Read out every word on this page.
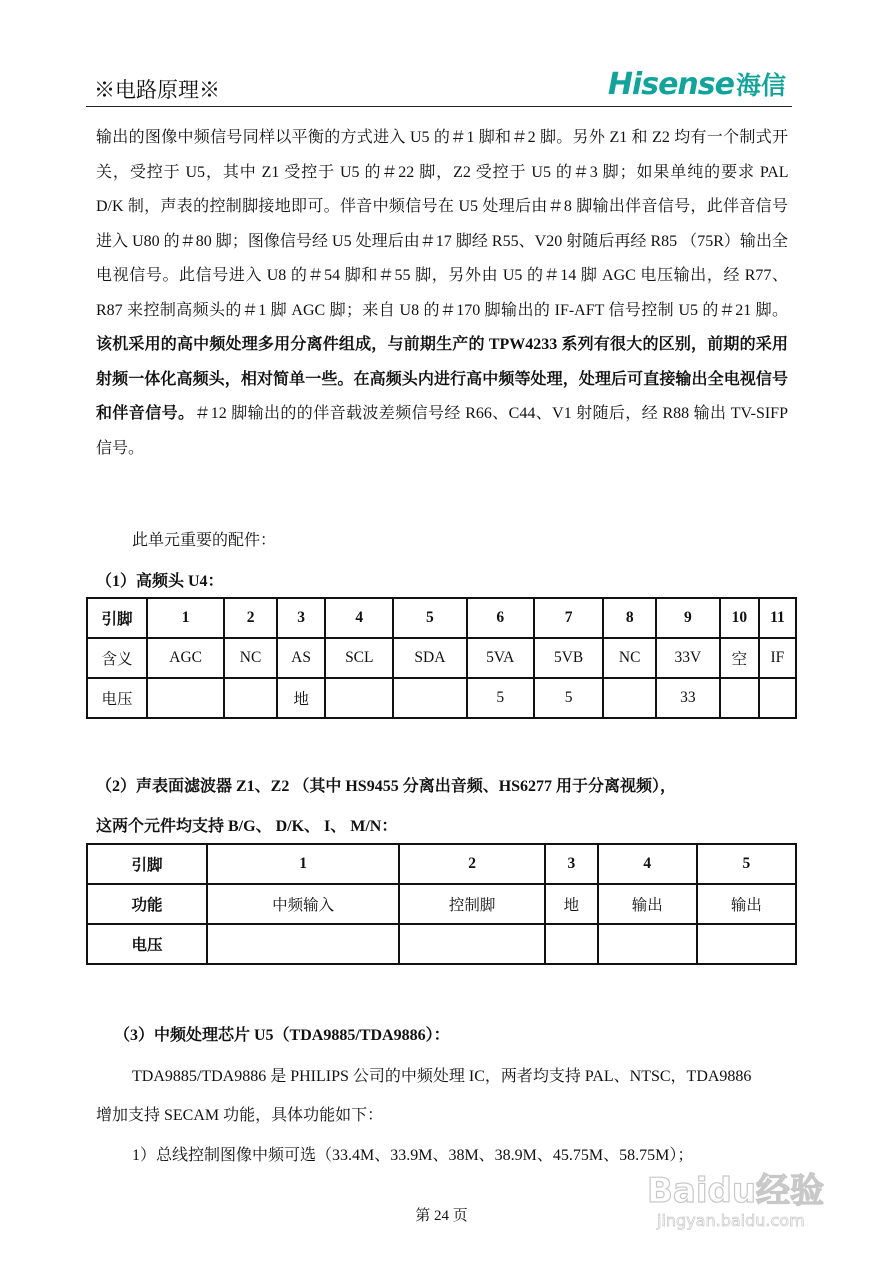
※电路原理※	Hisense 海信
输出的图像中频信号同样以平衡的方式进入 U5 的＃1 脚和＃2 脚。另外 Z1 和 Z2 均有一个制式开关，受控于 U5，其中 Z1 受控于 U5 的＃22 脚，Z2 受控于 U5 的＃3 脚；如果单纯的要求 PAL　D/K 制，声表的控制脚接地即可。伴音中频信号在 U5 处理后由＃8 脚输出伴音信号，此伴音信号进入 U80 的＃80 脚；图像信号经 U5 处理后由＃17 脚经 R55、V20 射随后再经 R85 （75R）输出全电视信号。此信号进入 U8 的＃54 脚和＃55 脚，另外由 U5 的＃14 脚 AGC 电压输出，经 R77、R87 来控制高频头的＃1 脚 AGC 脚；来自 U8 的＃170 脚输出的 IF-AFT 信号控制 U5 的＃21 脚。该机采用的高中频处理多用分离件组成，与前期生产的 TPW4233 系列有很大的区别，前期的采用射频一体化高频头，相对简单一些。在高频头内进行高中频等处理，处理后可直接输出全电视信号和伴音信号。＃12 脚输出的的伴音载波差频信号经 R66、C44、V1 射随后，经 R88 输出 TV-SIFP 信号。
此单元重要的配件：
（1）高频头 U4：
引脚	1	2	3	4	5	6	7	8	9	10	11
含义	AGC	NC	AS	SCL	SDA	5VA	5VB	NC	33V	空	IF
电压			地			5	5		33		
（2）声表面滤波器 Z1、Z2 （其中 HS9455 分离出音频、HS6277 用于分离视频），
这两个元件均支持 B/G、 D/K、 I、 M/N：
引脚	1	2	3	4	5
功能	中频输入	控制脚	地	输出	输出
电压					
（3）中频处理芯片 U5（TDA9885/TDA9886）：
TDA9885/TDA9886 是 PHILIPS 公司的中频处理 IC，两者均支持 PAL、NTSC，TDA9886
增加支持 SECAM 功能，具体功能如下：
1）总线控制图像中频可选（33.4M、33.9M、38M、38.9M、45.75M、58.75M）；
第 24 页
Baidu经验
jingyan.baidu.com
